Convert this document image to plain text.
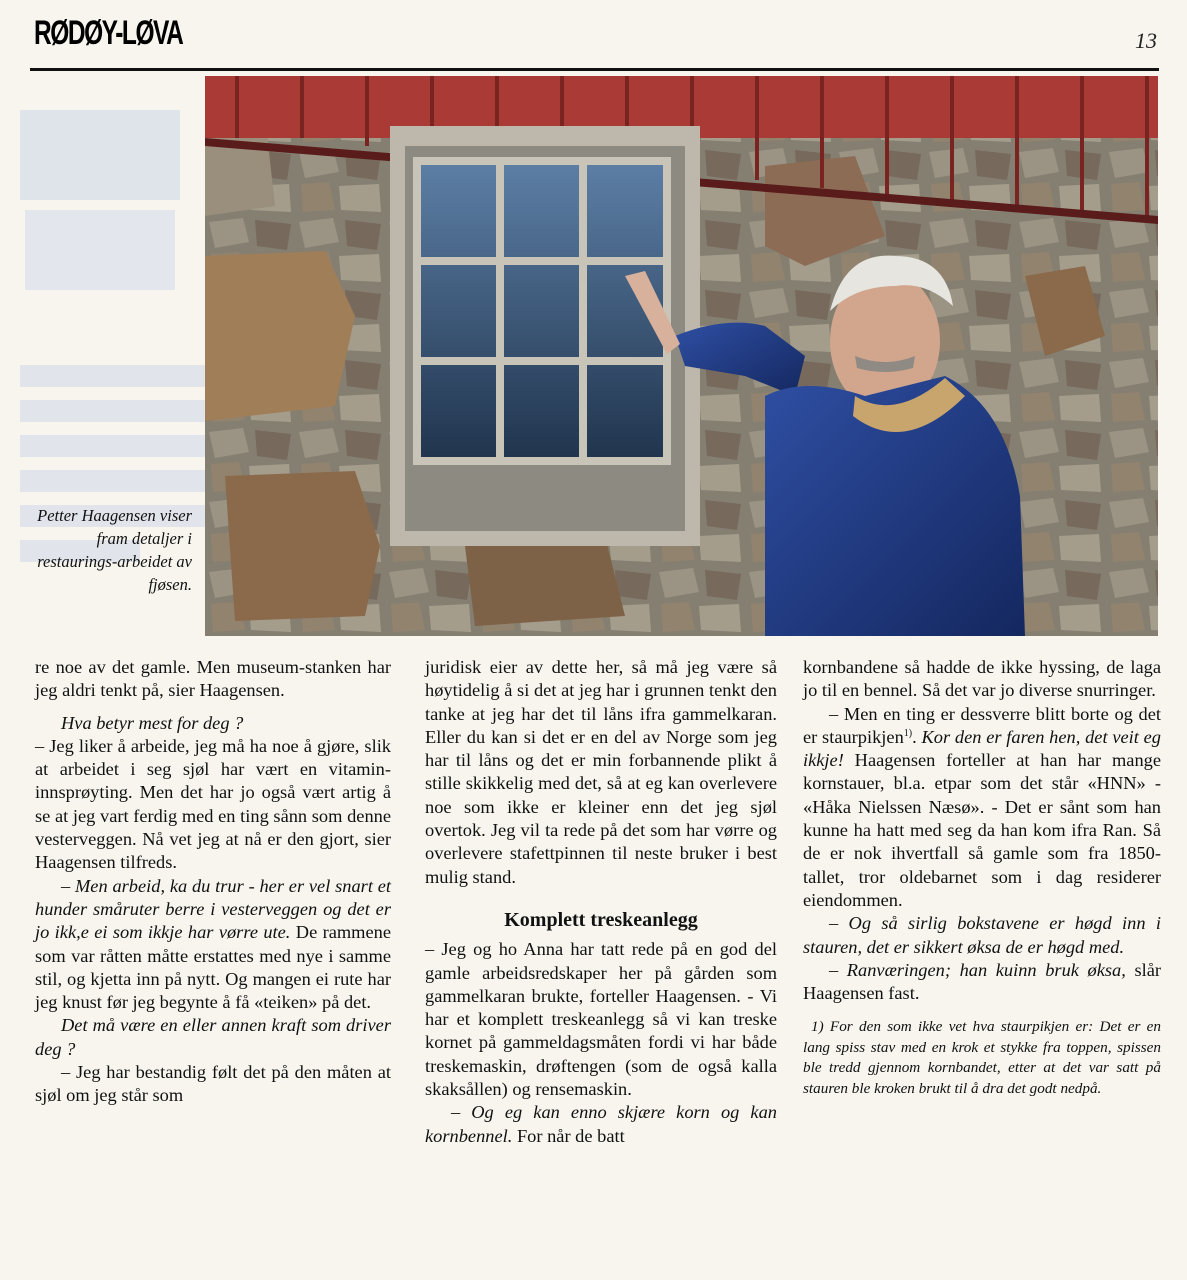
RØDØY-LØVA	13
Petter Haagensen viser fram detaljer i restaurings-arbeidet av fjøsen.

re noe av det gamle. Men museum-stanken har jeg aldri tenkt på, sier Haagensen.

Hva betyr mest for deg ?

– Jeg liker å arbeide, jeg må ha noe å gjøre, slik at arbeidet i seg sjøl har vært en vitamin-innsprøyting. Men det har jo også vært artig å se at jeg vart ferdig med en ting sånn som denne vesterveggen. Nå vet jeg at nå er den gjort, sier Haagensen tilfreds.

– Men arbeid, ka du trur - her er vel snart et hunder småruter berre i vesterveggen og det er jo ikk,e ei som ikkje har vørre ute. De rammene som var råtten måtte erstattes med nye i samme stil, og kjetta inn på nytt. Og mangen ei rute har jeg knust før jeg begynte å få «teiken» på det.

Det må være en eller annen kraft som driver deg ?

– Jeg har bestandig følt det på den måten at sjøl om jeg står som

juridisk eier av dette her, så må jeg være så høytidelig å si det at jeg har i grunnen tenkt den tanke at jeg har det til låns ifra gammelkaran. Eller du kan si det er en del av Norge som jeg har til låns og det er min forbannende plikt å stille skikkelig med det, så at eg kan overlevere noe som ikke er kleiner enn det jeg sjøl overtok. Jeg vil ta rede på det som har vørre og overlevere stafettpinnen til neste bruker i best mulig stand.

Komplett treskeanlegg

– Jeg og ho Anna har tatt rede på en god del gamle arbeidsredskaper her på gården som gammelkaran brukte, forteller Haagensen. - Vi har et komplett treskeanlegg så vi kan treske kornet på gammeldagsmåten fordi vi har både treskemaskin, drøftengen (som de også kalla skaksållen) og rensemaskin.

– Og eg kan enno skjære korn og kan kornbennel. For når de batt

kornbandene så hadde de ikke hyssing, de laga jo til en bennel. Så det var jo diverse snurringer.

– Men en ting er dessverre blitt borte og det er staurpikjen$^{1)}$. Kor den er faren hen, det veit eg ikkje! Haagensen forteller at han har mange kornstauer, bl.a. etpar som det står «HNN» - «Håka Nielssen Næsø». - Det er sånt som han kunne ha hatt med seg da han kom ifra Ran. Så de er nok ihvertfall så gamle som fra 1850-tallet, tror oldebarnet som i dag residerer eiendommen.

– Og så sirlig bokstavene er høgd inn i stauren, det er sikkert øksa de er høgd med.

– Ranværingen; han kuinn bruk øksa, slår Haagensen fast.

1) For den som ikke vet hva staurpikjen er: Det er en lang spiss stav med en krok et stykke fra toppen, spissen ble tredd gjennom kornbandet, etter at det var satt på stauren ble kroken brukt til å dra det godt nedpå.
